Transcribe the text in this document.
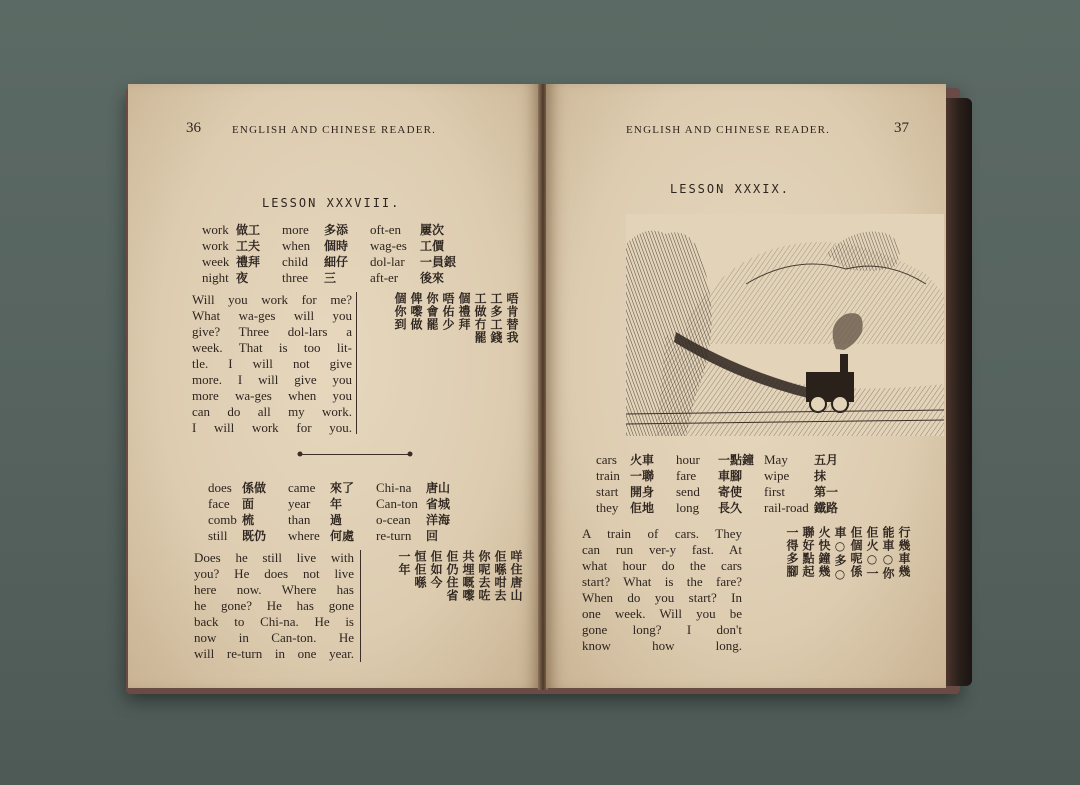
36	ENGLISH AND CHINESE READER.
LESSON XXXVIII.
work 做工 more 多添 oft-en 屢次
work 工夫 when 個時 wag-es 工價
week 禮拜 child 細仔 dol-lar 一員銀
night 夜	three 三	aft-er 後來

Will you work for me?

What wa-ges will you

give? Three dol-lars a

week. That is too lit-

tle. I will not give

more. I will give you

more wa-ges when you

can do all my work.

I will work for you.

唔肯替我
工多工錢
工做冇罷
個禮拜
唔佑少
你會罷
俾嚟做
個你到
does 係做 came 來了 Chi-na 唐山
face 面	year 年	Can-ton 省城
comb 梳	than 過	o-cean 洋海
still 既仍 where 何處 re-turn 回

Does he still live with

you? He does not live

here now. Where has

he gone? He has gone

back to Chi-na. He is

now in Can-ton. He

will re-turn in one year.

咩住唐山
佢喺咁去
你呢去咗
共埋嘅嚟
佢仍住省
佢如今
恒佢喺
一年
ENGLISH AND CHINESE READER.	37
LESSON XXXIX.
cars 火車 hour 一點鐘 May 五月
train 一聯 fare 車腳 wipe 抹
start 開身 send 寄使 first 第一
they 佢地 long 長久 rail-road 鐵路

A train of cars. They

can run ver-y fast. At

what hour do the cars

start? What is the fare?

When do you start? In

one week. Will you be

gone long? I don't

know how long.

行幾車幾
能車○你
佢火○一
佢個呢係
車○多○
火快鐘幾
聯好點起
一得多腳
